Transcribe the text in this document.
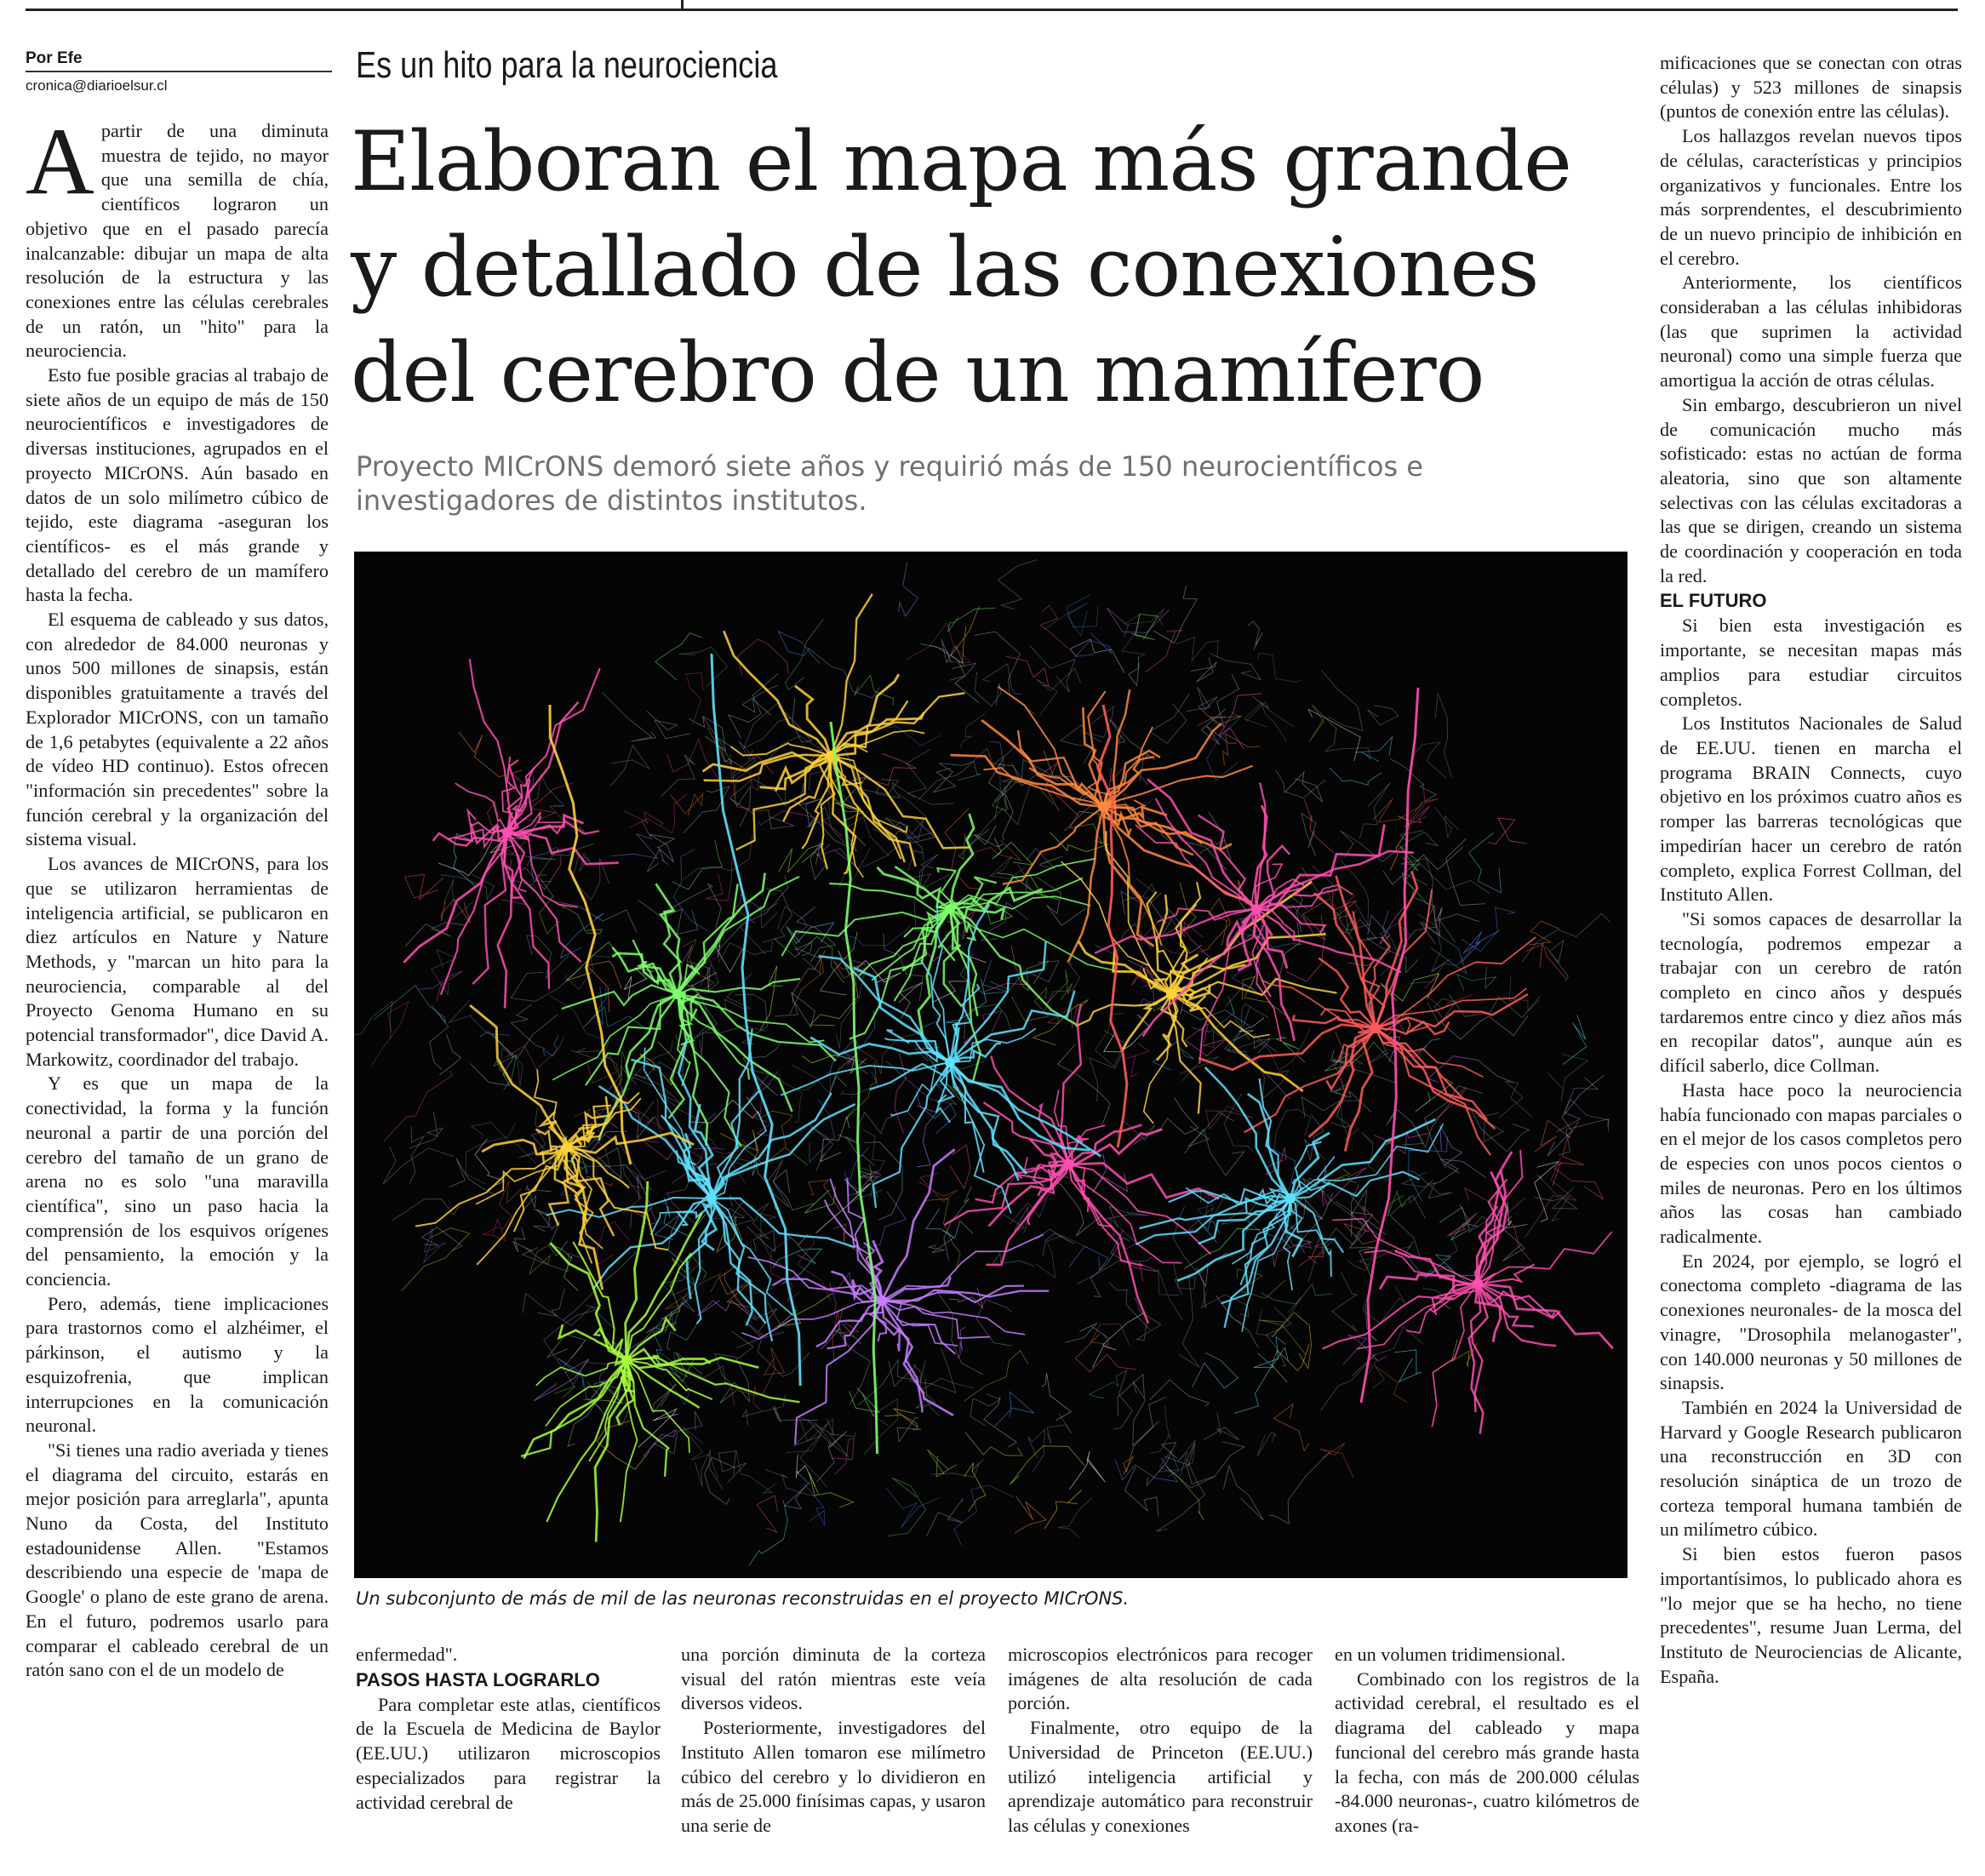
Por Efe
cronica@diarioelsur.cl	Es un hito para la neurociencia
Elaboran el mapa más grande
y detallado de las conexiones
del cerebro de un mamífero
Proyecto MICrONS demoró siete años y requirió más de 150 neurocientíficos e
investigadores de distintos institutos.
Un subconjunto de más de mil de las neuronas reconstruidas en el proyecto MICrONS.

Apartir de una diminuta muestra de tejido, no mayor que una semilla de chía, científicos lograron un objetivo que en el pasado parecía inalcanzable: dibujar un mapa de alta resolución de la estructura y las conexiones entre las células cerebrales de un ratón, un "hito" para la neurociencia.

Esto fue posible gracias al trabajo de siete años de un equipo de más de 150 neurocientíficos e investigadores de diversas instituciones, agrupados en el proyecto MICrONS. Aún basado en datos de un solo milímetro cúbico de tejido, este diagrama -aseguran los científicos- es el más grande y detallado del cerebro de un mamífero hasta la fecha.

El esquema de cableado y sus datos, con alrededor de 84.000 neuronas y unos 500 millones de sinapsis, están disponibles gratuitamente a través del Explorador MICrONS, con un tamaño de 1,6 petabytes (equivalente a 22 años de vídeo HD continuo). Estos ofrecen "información sin precedentes" sobre la función cerebral y la organización del sistema visual.

Los avances de MICrONS, para los que se utilizaron herramientas de inteligencia artificial, se publicaron en diez artículos en Nature y Nature Methods, y "marcan un hito para la neurociencia, comparable al del Proyecto Genoma Humano en su potencial transformador", dice David A. Markowitz, coordinador del trabajo.

Y es que un mapa de la conectividad, la forma y la función neuronal a partir de una porción del cerebro del tamaño de un grano de arena no es solo "una maravilla científica", sino un paso hacia la comprensión de los esquivos orígenes del pensamiento, la emoción y la conciencia.

Pero, además, tiene implicaciones para trastornos como el alzhéimer, el párkinson, el autismo y la esquizofrenia, que implican interrupciones en la comunicación neuronal.

"Si tienes una radio averiada y tienes el diagrama del circuito, estarás en mejor posición para arreglarla", apunta Nuno da Costa, del Instituto estadounidense Allen. "Estamos describiendo una especie de 'mapa de Google' o plano de este grano de arena. En el futuro, podremos usarlo para comparar el cableado cerebral de un ratón sano con el de un modelo de

enfermedad".

PASOS HASTA LOGRARLO

Para completar este atlas, científicos de la Escuela de Medicina de Baylor (EE.UU.) utilizaron microscopios especializados para registrar la actividad cerebral de

una porción diminuta de la corteza visual del ratón mientras este veía diversos videos.

Posteriormente, investigadores del Instituto Allen tomaron ese milímetro cúbico del cerebro y lo dividieron en más de 25.000 finísimas capas, y usaron una serie de

microscopios electrónicos para recoger imágenes de alta resolución de cada porción.

Finalmente, otro equipo de la Universidad de Princeton (EE.UU.) utilizó inteligencia artificial y aprendizaje automático para reconstruir las células y conexiones

en un volumen tridimensional.

Combinado con los registros de la actividad cerebral, el resultado es el diagrama del cableado y mapa funcional del cerebro más grande hasta la fecha, con más de 200.000 células -84.000 neuronas-, cuatro kilómetros de axones (ra-

mificaciones que se conectan con otras células) y 523 millones de sinapsis (puntos de conexión entre las células).

Los hallazgos revelan nuevos tipos de células, características y principios organizativos y funcionales. Entre los más sorprendentes, el descubrimiento de un nuevo principio de inhibición en el cerebro.

Anteriormente, los científicos consideraban a las células inhibidoras (las que suprimen la actividad neuronal) como una simple fuerza que amortigua la acción de otras células.

Sin embargo, descubrieron un nivel de comunicación mucho más sofisticado: estas no actúan de forma aleatoria, sino que son altamente selectivas con las células excitadoras a las que se dirigen, creando un sistema de coordinación y cooperación en toda la red.

EL FUTURO

Si bien esta investigación es importante, se necesitan mapas más amplios para estudiar circuitos completos.

Los Institutos Nacionales de Salud de EE.UU. tienen en marcha el programa BRAIN Connects, cuyo objetivo en los próximos cuatro años es romper las barreras tecnológicas que impedirían hacer un cerebro de ratón completo, explica Forrest Collman, del Instituto Allen.

"Si somos capaces de desarrollar la tecnología, podremos empezar a trabajar con un cerebro de ratón completo en cinco años y después tardaremos entre cinco y diez años más en recopilar datos", aunque aún es difícil saberlo, dice Collman.

Hasta hace poco la neurociencia había funcionado con mapas parciales o en el mejor de los casos completos pero de especies con unos pocos cientos o miles de neuronas. Pero en los últimos años las cosas han cambiado radicalmente.

En 2024, por ejemplo, se logró el conectoma completo -diagrama de las conexiones neuronales- de la mosca del vinagre, "Drosophila melanogaster", con 140.000 neuronas y 50 millones de sinapsis.

También en 2024 la Universidad de Harvard y Google Research publicaron una reconstrucción en 3D con resolución sináptica de un trozo de corteza temporal humana también de un milímetro cúbico.

Si bien estos fueron pasos importantísimos, lo publicado ahora es "lo mejor que se ha hecho, no tiene precedentes", resume Juan Lerma, del Instituto de Neurociencias de Alicante, España.
